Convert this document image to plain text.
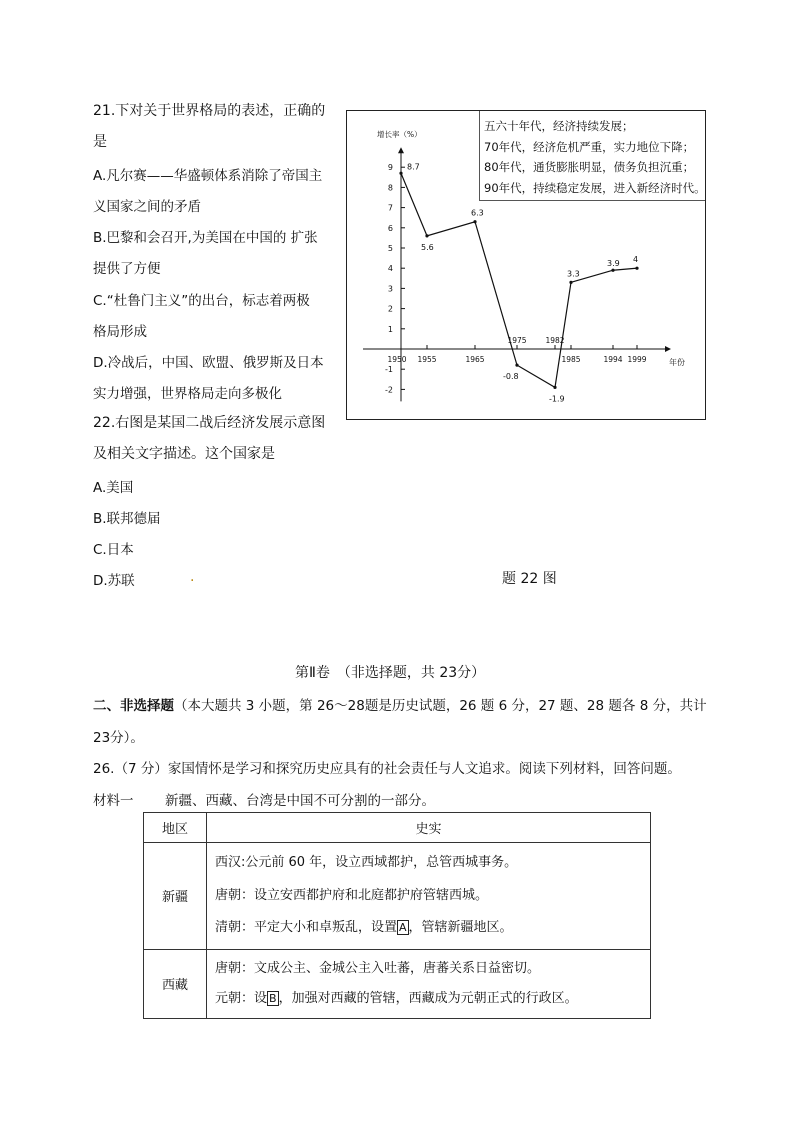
21.下对关于世界格局的表述，正确的
是
A.凡尔赛——华盛顿体系消除了帝国主
义国家之间的矛盾
B.巴黎和会召开,为美国在中国的 扩张
提供了方便
C.“杜鲁门主义”的出台，标志着两极
格局形成
D.冷战后，中国、欧盟、俄罗斯及日本
实力增强，世界格局走向多极化
22.右图是某国二战后经济发展示意图
及相关文字描述。这个国家是
A.美国
B.联邦德届
C.日本
D.苏联	.	题 22 图
增长率（%）
年份
9
8
7
6
5
4
3
2
1
-1
-2
1950 1955	1965
1975	1982
1985	1994 1999
8.7
5.6
6.3
-0.8
-1.9
3.3
3.9 4
五六十年代，经济持续发展；
70年代，经济危机严重，实力地位下降；
80年代，通货膨胀明显，债务负担沉重；
90年代，持续稳定发展，进入新经济时代。
第Ⅱ卷　（非选择题，共 23分）
二、非选择题（本大题共 3 小题，第 26～28题是历史试题，26 题 6 分，27 题、28 题各 8 分，共计
23分）。
26.（7 分）家国情怀是学习和探究历史应具有的社会责任与人文追求。阅读下列材料，回答问题。
材料一 新疆、西藏、台湾是中国不可分割的一部分。
地区	史实
新疆	西汉:公元前 60 年，设立西域都护，总管西城事务。
唐朝：设立安西都护府和北庭都护府管辖西城。
清朝：平定大小和卓叛乱，设置 A ，管辖新疆地区。

西藏	唐朝：文成公主、金城公主入吐蕃，唐蕃关系日益密切。
元朝：设 B ，加强对西藏的管辖，西藏成为元朝正式的行政区。
